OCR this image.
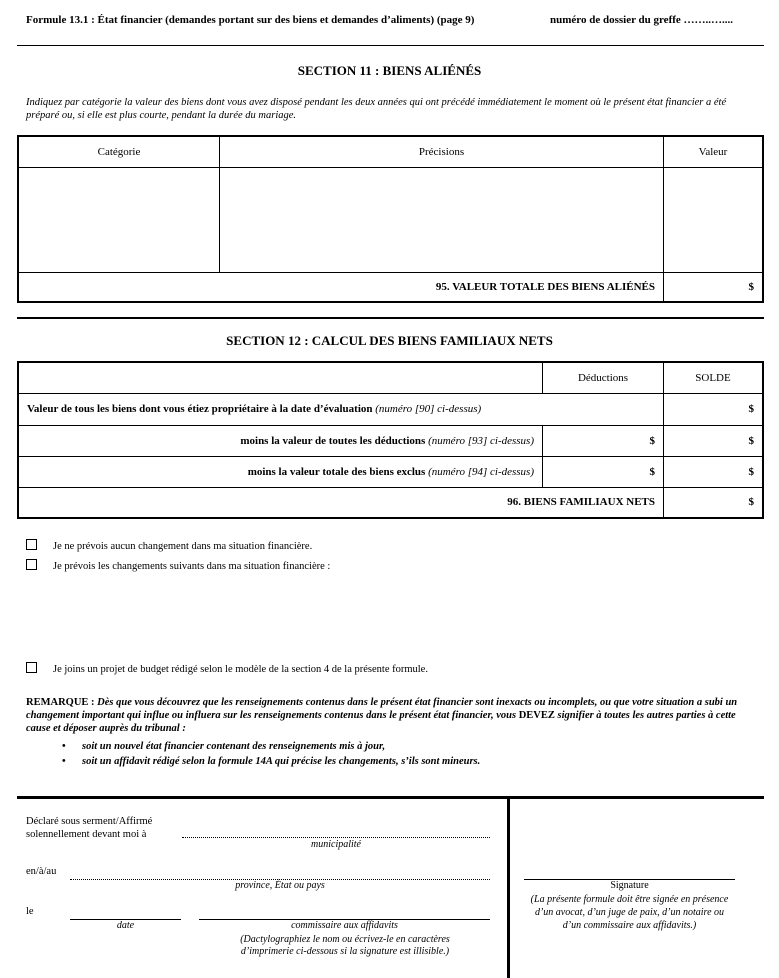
Formule 13.1 : État financier (demandes portant sur des biens et demandes d’aliments) (page 9)	numéro de dossier du greffe ……..…....
SECTION 11 : BIENS ALIÉNÉS
Indiquez par catégorie la valeur des biens dont vous avez disposé pendant les deux années qui ont précédé immédiatement le moment où le présent état financier a été préparé ou, si elle est plus courte, pendant la durée du mariage.
Catégorie	Précisions	Valeur

95. VALEUR TOTALE DES BIENS ALIÉNÉS		$
SECTION 12 : CALCUL DES BIENS FAMILIAUX NETS
	Déductions	SOLDE
Valeur de tous les biens dont vous étiez propriétaire à la date d’évaluation (numéro [90] ci-dessus)		$
moins la valeur de toutes les déductions (numéro [93] ci-dessus)	$	$
moins la valeur totale des biens exclus (numéro [94] ci-dessus)	$	$
96. BIENS FAMILIAUX NETS		$
Je ne prévois aucun changement dans ma situation financière.
Je prévois les changements suivants dans ma situation financière :
Je joins un projet de budget rédigé selon le modèle de la section 4 de la présente formule.
REMARQUE : Dès que vous découvrez que les renseignements contenus dans le présent état financier sont inexacts ou incomplets, ou que votre situation a subi un changement important qui influe ou influera sur les renseignements contenus dans le présent état financier, vous DEVEZ signifier à toutes les autres parties à cette cause et déposer auprès du tribunal :
• soit un nouvel état financier contenant des renseignements mis à jour,
• soit un affidavit rédigé selon la formule 14A qui précise les changements, s’ils sont mineurs.
Déclaré sous serment/Affirmé
solennellement devant moi à
municipalité
en/à/au
province, État ou pays
le
date	commissaire aux affidavits
(Dactylographiez le nom ou écrivez-le en caractères d’imprimerie ci-dessous si la signature est illisible.)
Signature
(La présente formule doit être signée en présence d’un avocat, d’un juge de paix, d’un notaire ou d’un commissaire aux affidavits.)
